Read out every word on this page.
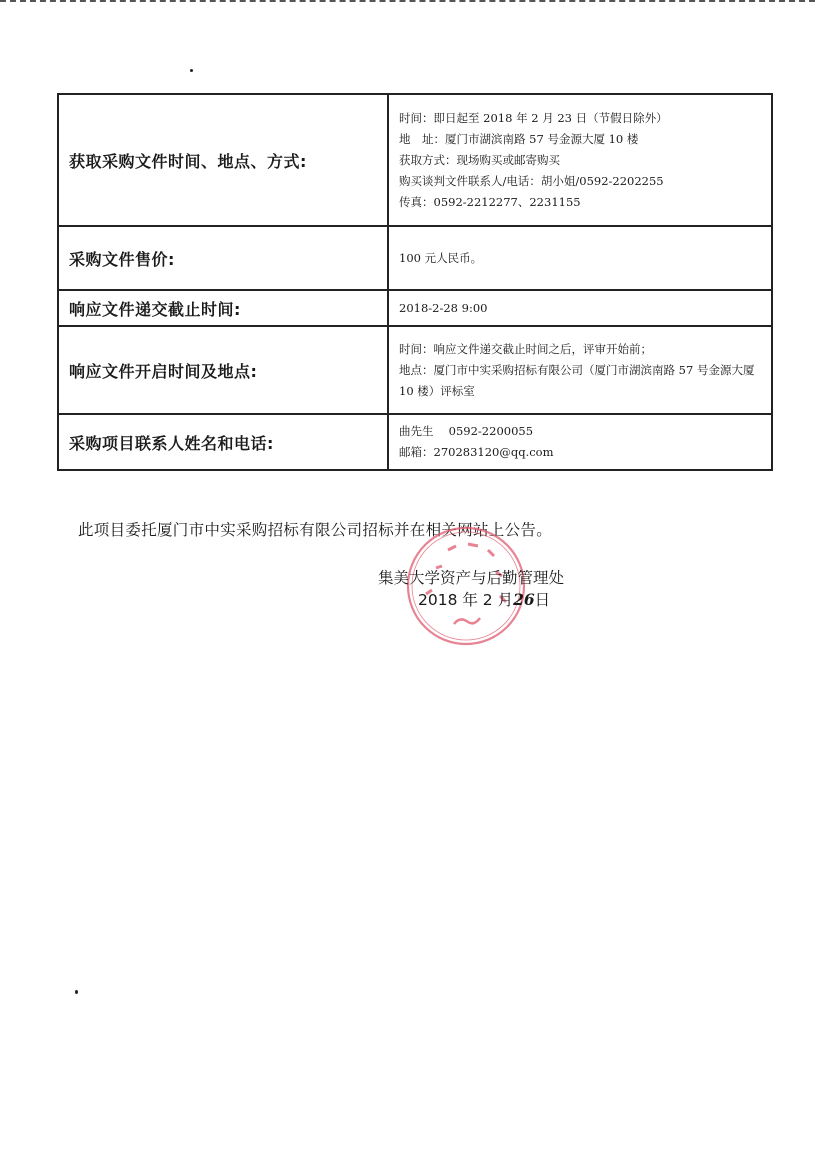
获取采购文件时间、地点、方式:	时间：即日起至 2018 年 2 月 23 日（节假日除外）
地　址：厦门市湖滨南路 57 号金源大厦 10 楼
获取方式：现场购买或邮寄购买
购买谈判文件联系人/电话：胡小姐/0592-2202255
传真：0592-2212277、2231155

采购文件售价:	100 元人民币。

响应文件递交截止时间:	2018-2-28 9:00

响应文件开启时间及地点:	时间：响应文件递交截止时间之后，评审开始前；
地点：厦门市中实采购招标有限公司（厦门市湖滨南路 57 号金源大厦 10 楼）评标室

采购项目联系人姓名和电话:	曲先生　 0592-2200055
邮箱：270283120@qq.com
此项目委托厦门市中实采购招标有限公司招标并在相关网站上公告。
集美大学资产与后勤管理处
2018 年 2 月26日
